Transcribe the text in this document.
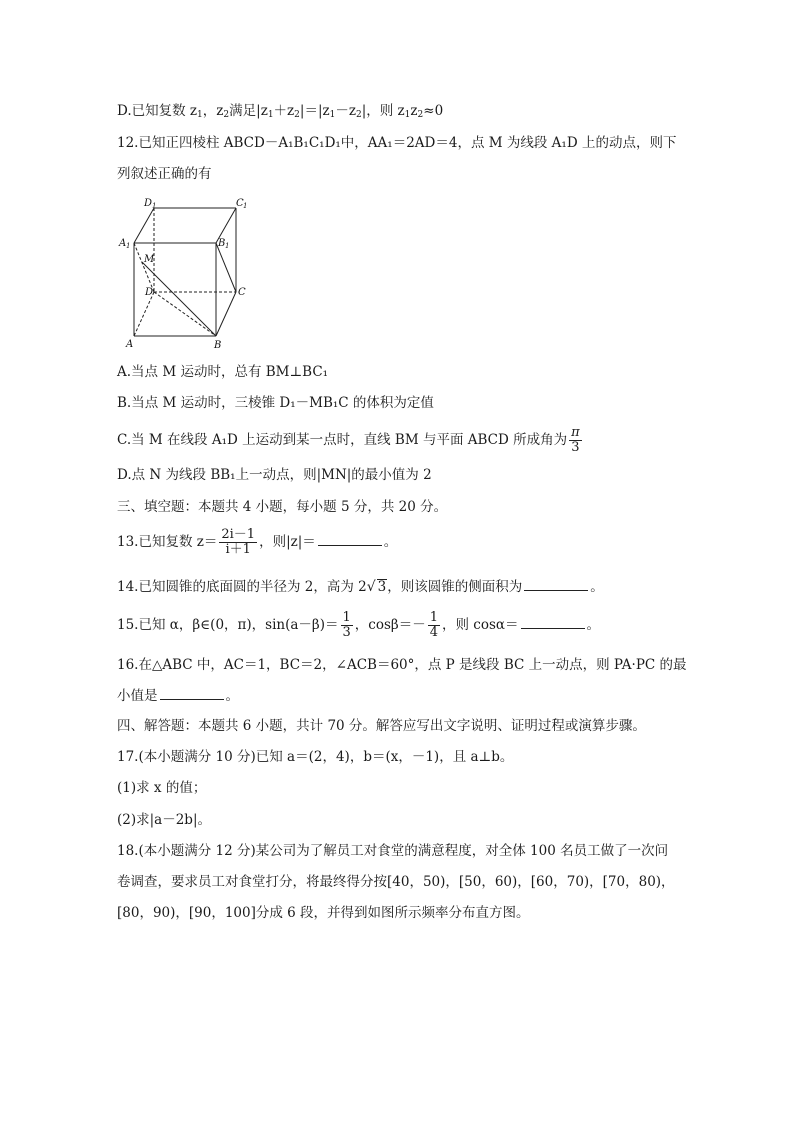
D.已知复数 $z_1$，$z_2$满足$|z_1+z_2|=|z_1-z_2|$，则 $z_1z_2\approx 0$
12.已知正四棱柱 ABCD－A₁B₁C₁D₁中，AA₁＝2AD＝4，点 M 为线段 A₁D 上的动点，则下
列叙述正确的有
D 1	C 1
A 1	B 1
M
D	C
A	B
A.当点 M 运动时，总有 BM⊥BC₁
B.当点 M 运动时，三棱锥 D₁－MB₁C 的体积为定值
C.当 M 在线段 A₁D 上运动到某一点时，直线 BM 与平面 ABCD 所成角为 $\frac{\pi}{3}$
D.点 N 为线段 BB₁上一动点，则|MN|的最小值为 2
三、填空题：本题共 4 小题，每小题 5 分，共 20 分。
13.已知复数 $z= \frac{2i-1}{i+1}$ ，则|z|＝	。
14.已知圆锥的底面圆的半径为 2，高为 2√ 3，则该圆锥的侧面积为	。
15.已知 α，β∈(0，π)，$\sin(a-\beta)= \frac{1}{3}$ ，$\cos\beta=- \frac{1}{4}$ ，则 cosα＝	。
16.在△ABC 中，AC＝1，BC＝2，∠ACB＝60°，点 P 是线段 BC 上一动点，则 PA·PC 的最
小值是	。
四、解答题：本题共 6 小题，共计 70 分。解答应写出文字说明、证明过程或演算步骤。
17.(本小题满分 10 分)已知 a＝(2，4)，b＝(x，－1)，且 a⊥b。
(1)求 x 的值；
(2)求|a－2b|。
18.(本小题满分 12 分)某公司为了解员工对食堂的满意程度，对全体 100 名员工做了一次问
卷调查，要求员工对食堂打分，将最终得分按[40，50)，[50，60)，[60，70)，[70，80)，
[80，90)，[90，100]分成 6 段，并得到如图所示频率分布直方图。
